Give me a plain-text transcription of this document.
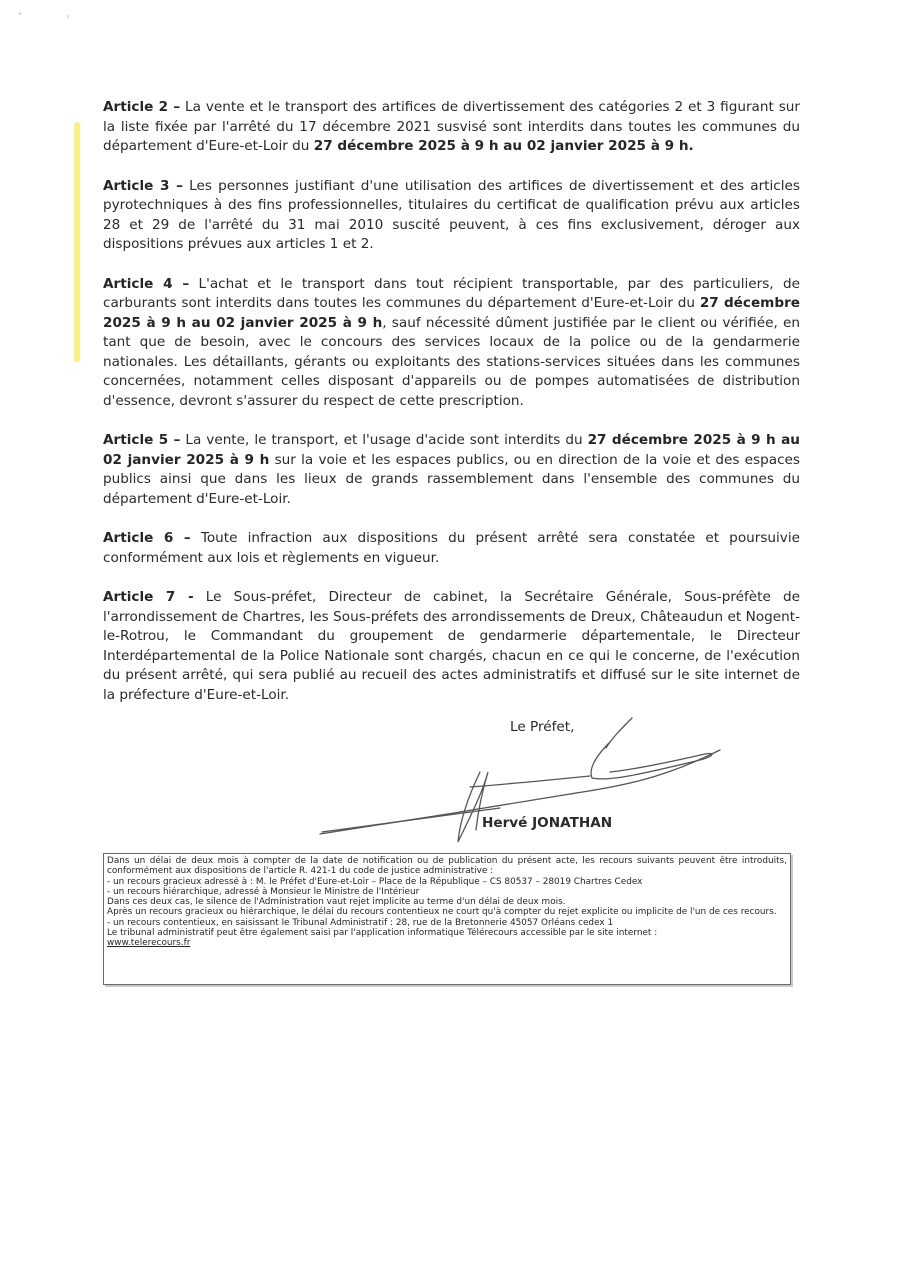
"	›

Article 2 – La vente et le transport des artifices de divertissement des catégories 2 et 3 figurant sur la liste fixée par l'arrêté du 17 décembre 2021 susvisé sont interdits dans toutes les communes du département d'Eure-et-Loir du 27 décembre 2025 à 9 h au 02 janvier 2025 à 9 h.

Article 3 – Les personnes justifiant d'une utilisation des artifices de divertissement et des articles pyrotechniques à des fins professionnelles, titulaires du certificat de qualification prévu aux articles 28 et 29 de l'arrêté du 31 mai 2010 suscité peuvent, à ces fins exclusivement, déroger aux dispositions prévues aux articles 1 et 2.

Article 4 – L'achat et le transport dans tout récipient transportable, par des particuliers, de carburants sont interdits dans toutes les communes du département d'Eure-et-Loir du 27 décembre 2025 à 9 h au 02 janvier 2025 à 9 h, sauf nécessité dûment justifiée par le client ou vérifiée, en tant que de besoin, avec le concours des services locaux de la police ou de la gendarmerie nationales. Les détaillants, gérants ou exploitants des stations-services situées dans les communes concernées, notamment celles disposant d'appareils ou de pompes automatisées de distribution d'essence, devront s'assurer du respect de cette prescription.

Article 5 – La vente, le transport, et l'usage d'acide sont interdits du 27 décembre 2025 à 9 h au 02 janvier 2025 à 9 h sur la voie et les espaces publics, ou en direction de la voie et des espaces publics ainsi que dans les lieux de grands rassemblement dans l'ensemble des communes du département d'Eure-et-Loir.

Article 6 – Toute infraction aux dispositions du présent arrêté sera constatée et poursuivie conformément aux lois et règlements en vigueur.

Article 7 - Le Sous-préfet, Directeur de cabinet, la Secrétaire Générale, Sous-préfète de l'arrondissement de Chartres, les Sous-préfets des arrondissements de Dreux, Châteaudun et Nogent-le-Rotrou, le Commandant du groupement de gendarmerie départementale, le Directeur Interdépartemental de la Police Nationale sont chargés, chacun en ce qui le concerne, de l'exécution du présent arrêté, qui sera publié au recueil des actes administratifs et diffusé sur le site internet de la préfecture d'Eure-et-Loir.

Le Préfet,
Hervé JONATHAN
Dans un délai de deux mois à compter de la date de notification ou de publication du présent acte, les recours suivants peuvent être introduits, conformément aux dispositions de l'article R. 421-1 du code de justice administrative :
- un recours gracieux adressé à : M. le Préfet d'Eure-et-Loir – Place de la République – CS 80537 – 28019 Chartres Cedex
- un recours hiérarchique, adressé à Monsieur le Ministre de l'Intérieur
Dans ces deux cas, le silence de l'Administration vaut rejet implicite au terme d'un délai de deux mois.
Après un recours gracieux ou hiérarchique, le délai du recours contentieux ne court qu'à compter du rejet explicite ou implicite de l'un de ces recours.
- un recours contentieux, en saisissant le Tribunal Administratif : 28, rue de la Bretonnerie 45057 Orléans cedex 1
Le tribunal administratif peut être également saisi par l'application informatique Télérecours accessible par le site internet :
www.telerecours.fr
